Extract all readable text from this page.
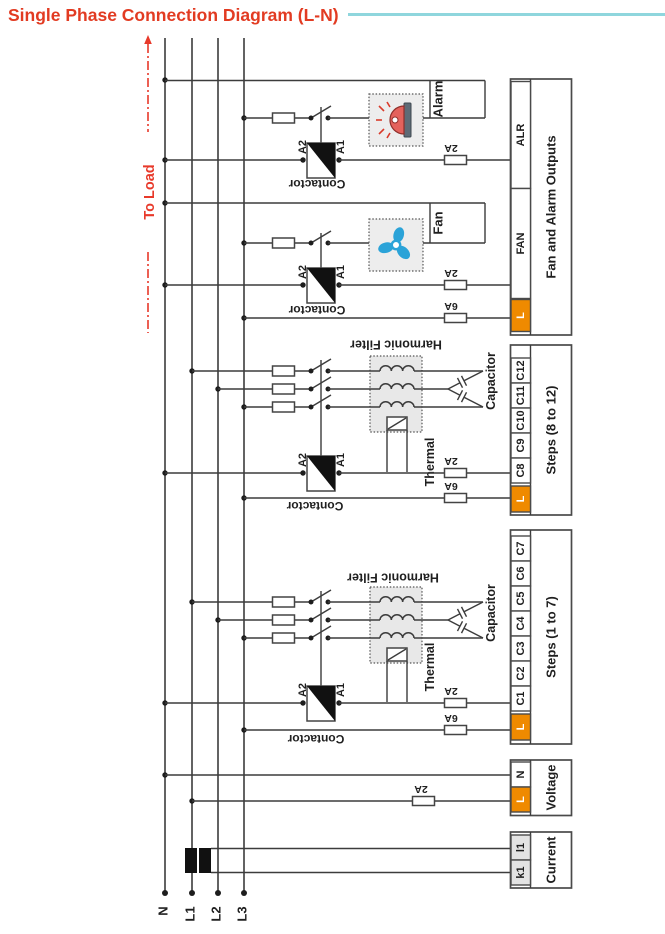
Single Phase Connection Diagram (L-N)
N L1 L2 L3
To Load
Alarm
A2 A1
Contactor
2A
Fan
A2 A1
Contactor
2A
6A
Harmonic Filter
Capacitor
Thermal
A2 A1
Contactor
2A
6A
Harmonic Filter
Capacitor
Thermal
A2 A1
Contactor
2A
6A
2A
ALR
FAN
L
Fan and Alarm Outputs
C12
C11
C10
C9
C8
L
Steps (8 to 12)
C7
C6
C5
C4
C3
C2
C1
L
Steps (1 to 7)
N
L Voltage
l1
k1 Current
